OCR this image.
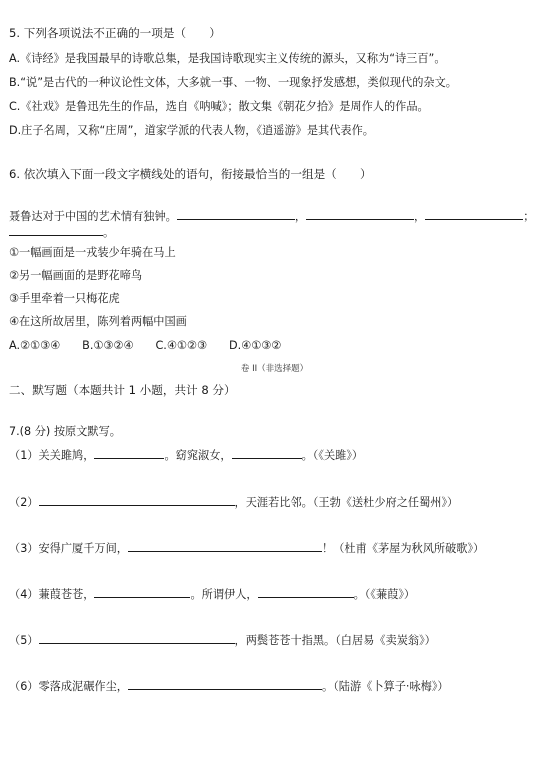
5. 下列各项说法不正确的一项是（　　）
A.《诗经》是我国最早的诗歌总集，是我国诗歌现实主义传统的源头，又称为“诗三百”。
B.“说”是古代的一种议论性文体，大多就一事、一物、一现象抒发感想，类似现代的杂文。
C.《社戏》是鲁迅先生的作品，选自《呐喊》；散文集《朝花夕拾》是周作人的作品。
D.庄子名周，又称“庄周”，道家学派的代表人物，《逍遥游》是其代表作。
6. 依次填入下面一段文字横线处的语句，衔接最恰当的一组是（　　）
聂鲁达对于中国的艺术情有独钟。	，	，	；
。
①一幅画面是一戎装少年骑在马上
②另一幅画面的是野花啼鸟
③手里牵着一只梅花虎
④在这所故居里，陈列着两幅中国画
A.②①③④ B.①③②④ C.④①②③ D.④①③②
卷 II（非选择题）
二、默写题（本题共计 1 小题，共计 8 分）
7.(8 分) 按原文默写。
（1）关关雎鸠，	。窈窕淑女，	。（《关雎》）
（2）	，天涯若比邻。（王勃《送杜少府之任蜀州》）
（3）安得广厦千万间，	！（杜甫《茅屋为秋风所破歌》）
（4）蒹葭苍苍，	。所谓伊人，	。（《蒹葭》）
（5）	，两鬓苍苍十指黑。（白居易《卖炭翁》）
（6）零落成泥碾作尘，	。（陆游《卜算子·咏梅》）
